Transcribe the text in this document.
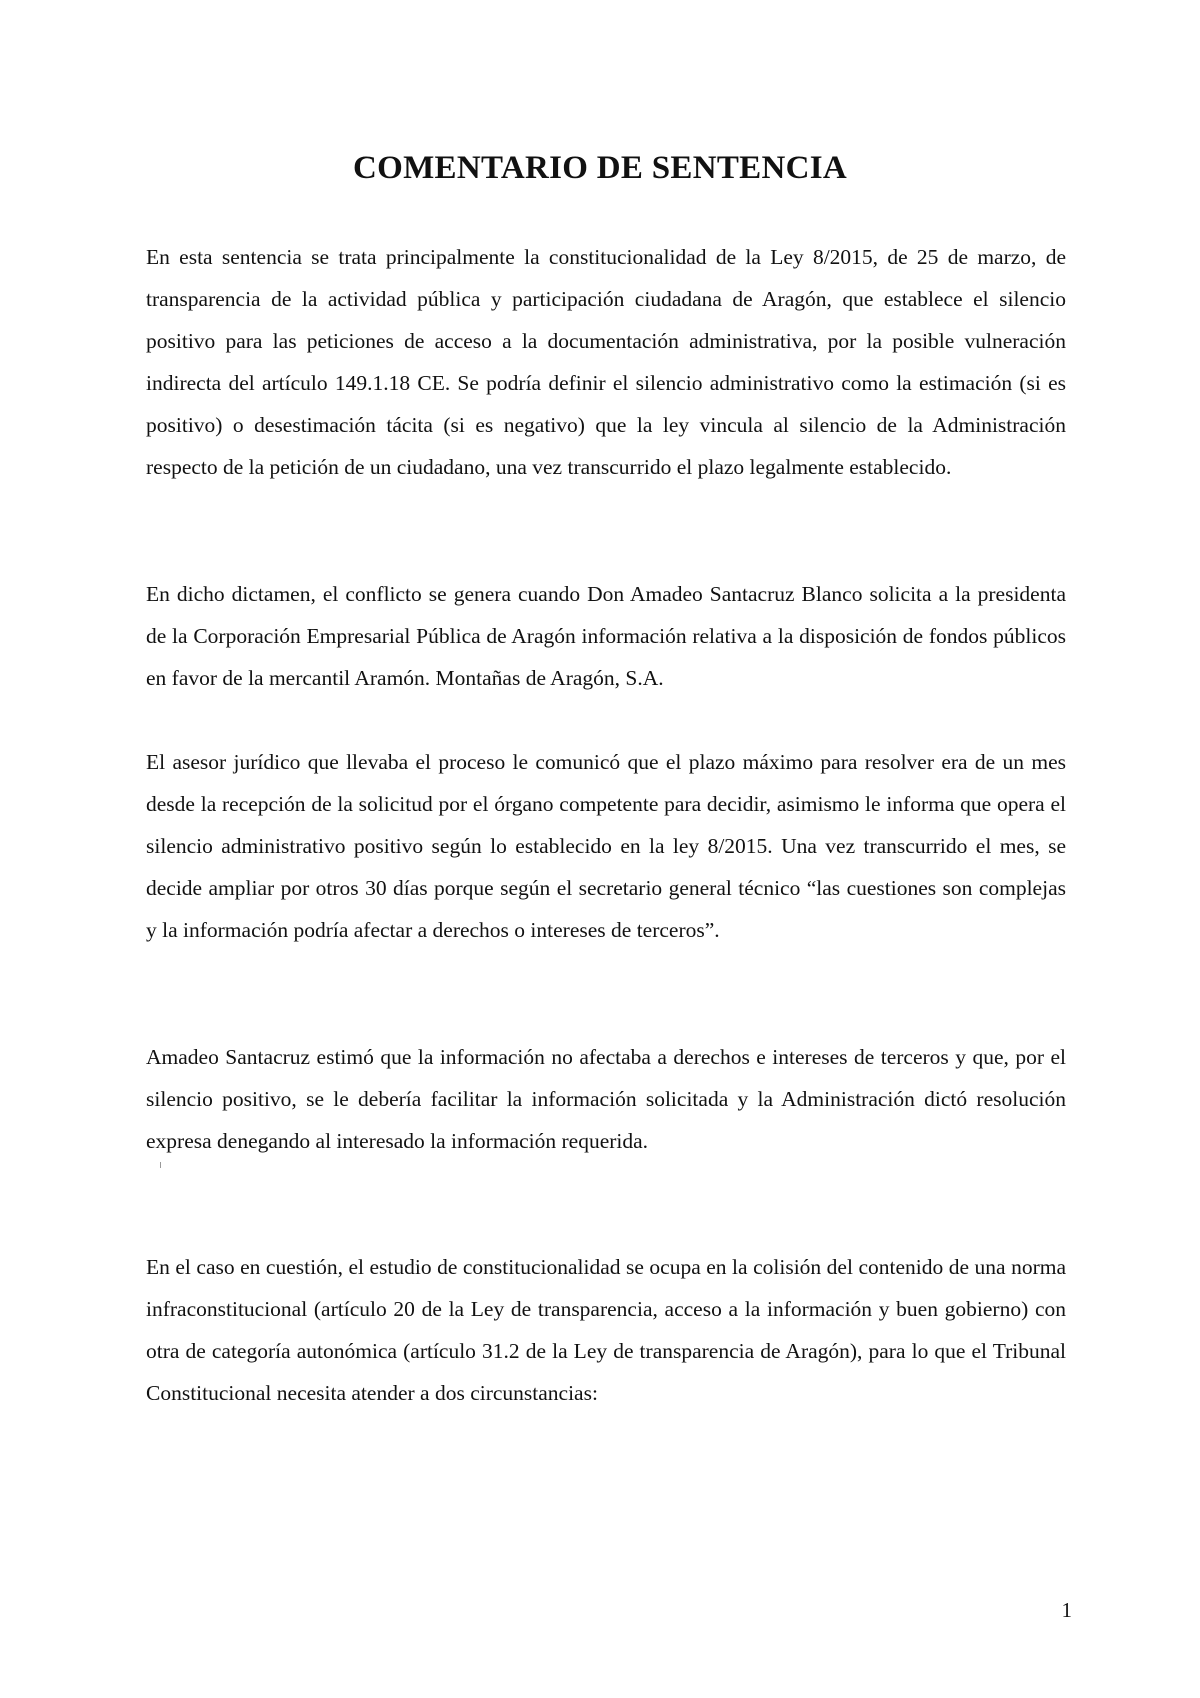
COMENTARIO DE SENTENCIA

En esta sentencia se trata principalmente la constitucionalidad de la Ley 8/2015, de 25 de marzo, de transparencia de la actividad pública y participación ciudadana de Aragón, que establece el silencio positivo para las peticiones de acceso a la documentación administrativa, por la posible vulneración indirecta del artículo 149.1.18 CE. Se podría definir el silencio administrativo como la estimación (si es positivo) o desestimación tácita (si es negativo) que la ley vincula al silencio de la Administración respecto de la petición de un ciudadano, una vez transcurrido el plazo legalmente establecido.

En dicho dictamen, el conflicto se genera cuando Don Amadeo Santacruz Blanco solicita a la presidenta de la Corporación Empresarial Pública de Aragón información relativa a la disposición de fondos públicos en favor de la mercantil Aramón. Montañas de Aragón, S.A.

El asesor jurídico que llevaba el proceso le comunicó que el plazo máximo para resolver era de un mes desde la recepción de la solicitud por el órgano competente para decidir, asimismo le informa que opera el silencio administrativo positivo según lo establecido en la ley 8/2015. Una vez transcurrido el mes, se decide ampliar por otros 30 días porque según el secretario general técnico “las cuestiones son complejas y la información podría afectar a derechos o intereses de terceros”.

Amadeo Santacruz estimó que la información no afectaba a derechos e intereses de terceros y que, por el silencio positivo, se le debería facilitar la información solicitada y la Administración dictó resolución expresa denegando al interesado la información requerida.

En el caso en cuestión, el estudio de constitucionalidad se ocupa en la colisión del contenido de una norma infraconstitucional (artículo 20 de la Ley de transparencia, acceso a la información y buen gobierno) con otra de categoría autonómica (artículo 31.2 de la Ley de transparencia de Aragón), para lo que el Tribunal Constitucional necesita atender a dos circunstancias:

1
